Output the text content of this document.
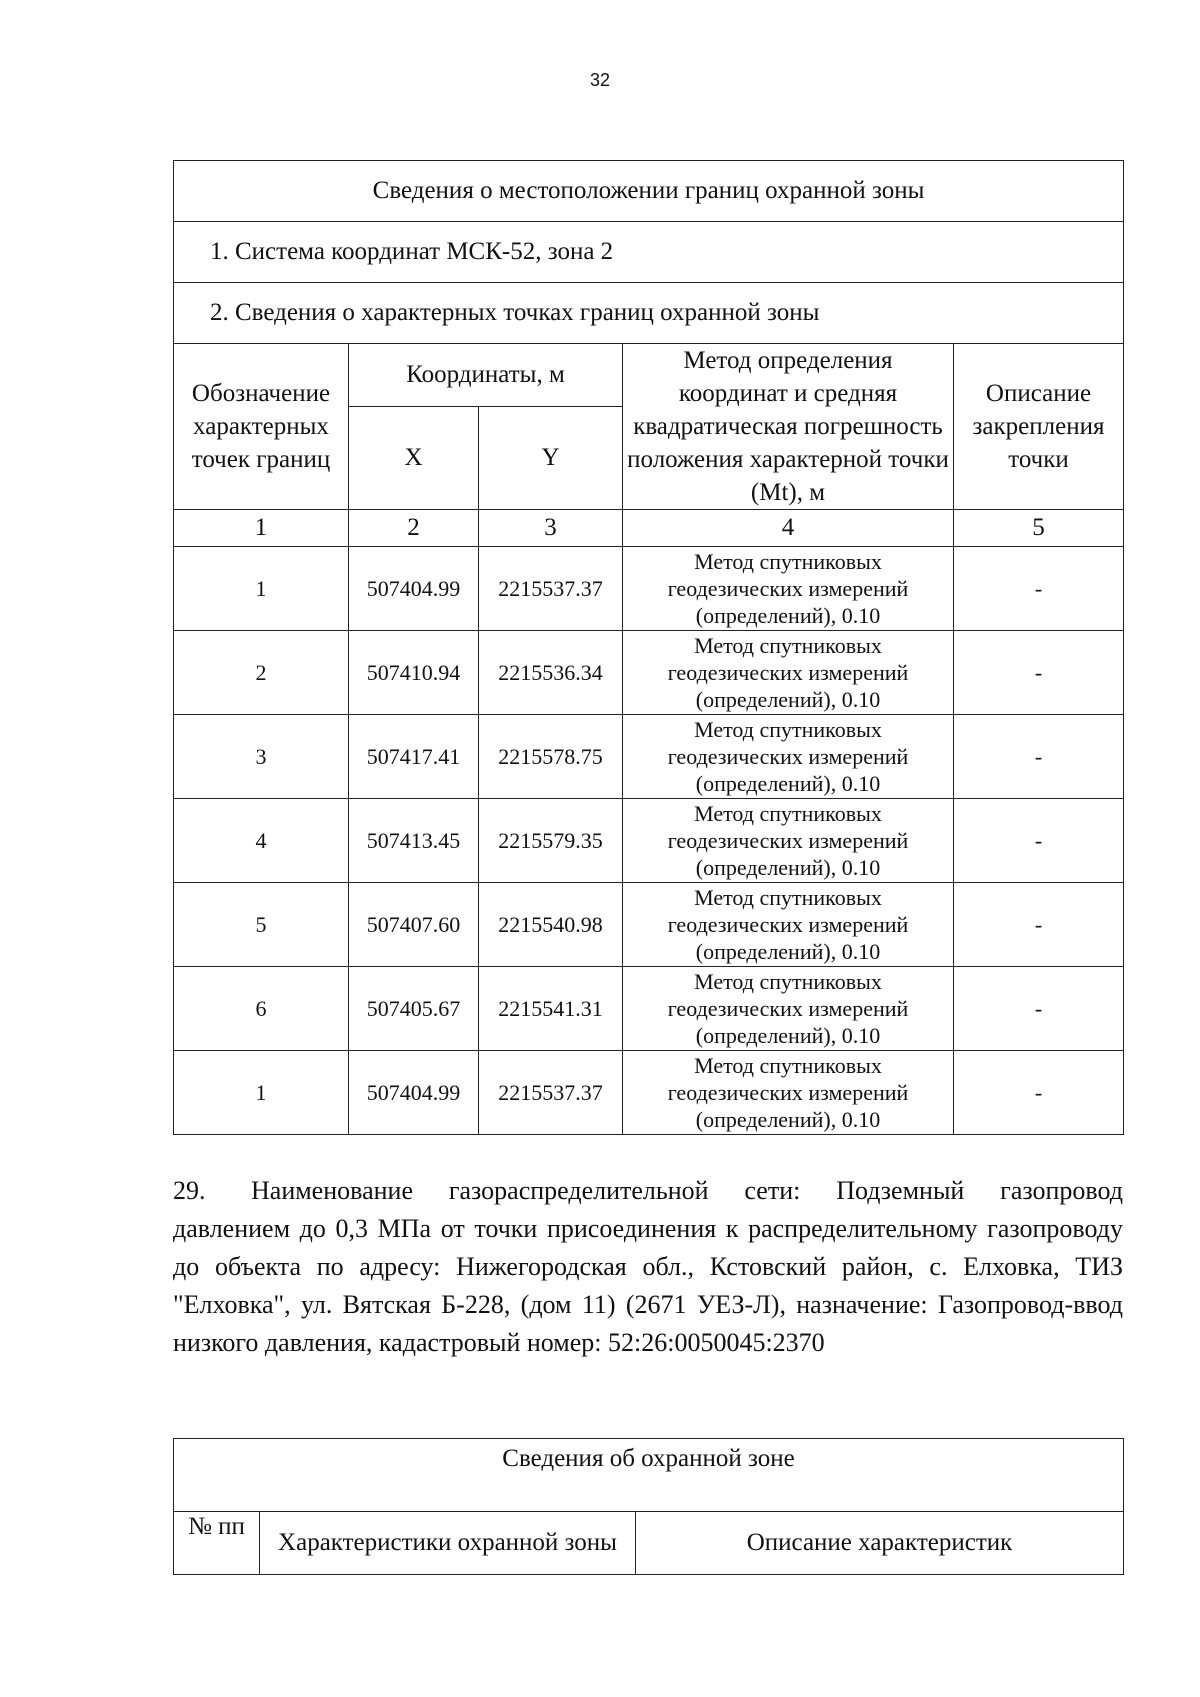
32
Сведения о местоположении границ охранной зоны				
1. Система координат МСК-52, зона 2				
2. Сведения о характерных точках границ охранной зоны				
Обозначение характерных точек границ	Координаты, м		Метод определения координат и средняя квадратическая погрешность положения характерной точки (Mt), м	Описание закрепления точки
	X	Y		
1	2	3	4	5
1	507404.99	2215537.37	Метод спутниковых геодезических измерений (определений), 0.10	-
2	507410.94	2215536.34	Метод спутниковых геодезических измерений (определений), 0.10	-
3	507417.41	2215578.75	Метод спутниковых геодезических измерений (определений), 0.10	-
4	507413.45	2215579.35	Метод спутниковых геодезических измерений (определений), 0.10	-
5	507407.60	2215540.98	Метод спутниковых геодезических измерений (определений), 0.10	-
6	507405.67	2215541.31	Метод спутниковых геодезических измерений (определений), 0.10	-
1	507404.99	2215537.37	Метод спутниковых геодезических измерений (определений), 0.10	-

29. Наименование газораспределительной сети: Подземный газопровод давлением до 0,3 МПа от точки присоединения к распределительному газопроводу до объекта по адресу: Нижегородская обл., Кстовский район, с. Елховка, ТИЗ "Елховка", ул. Вятская Б-228, (дом 11) (2671 УЕЗ-Л), назначение: Газопровод-ввод низкого давления, кадастровый номер: 52:26:0050045:2370

Сведения об охранной зоне
№ пп	Характеристики охранной зоны	Описание характеристик
